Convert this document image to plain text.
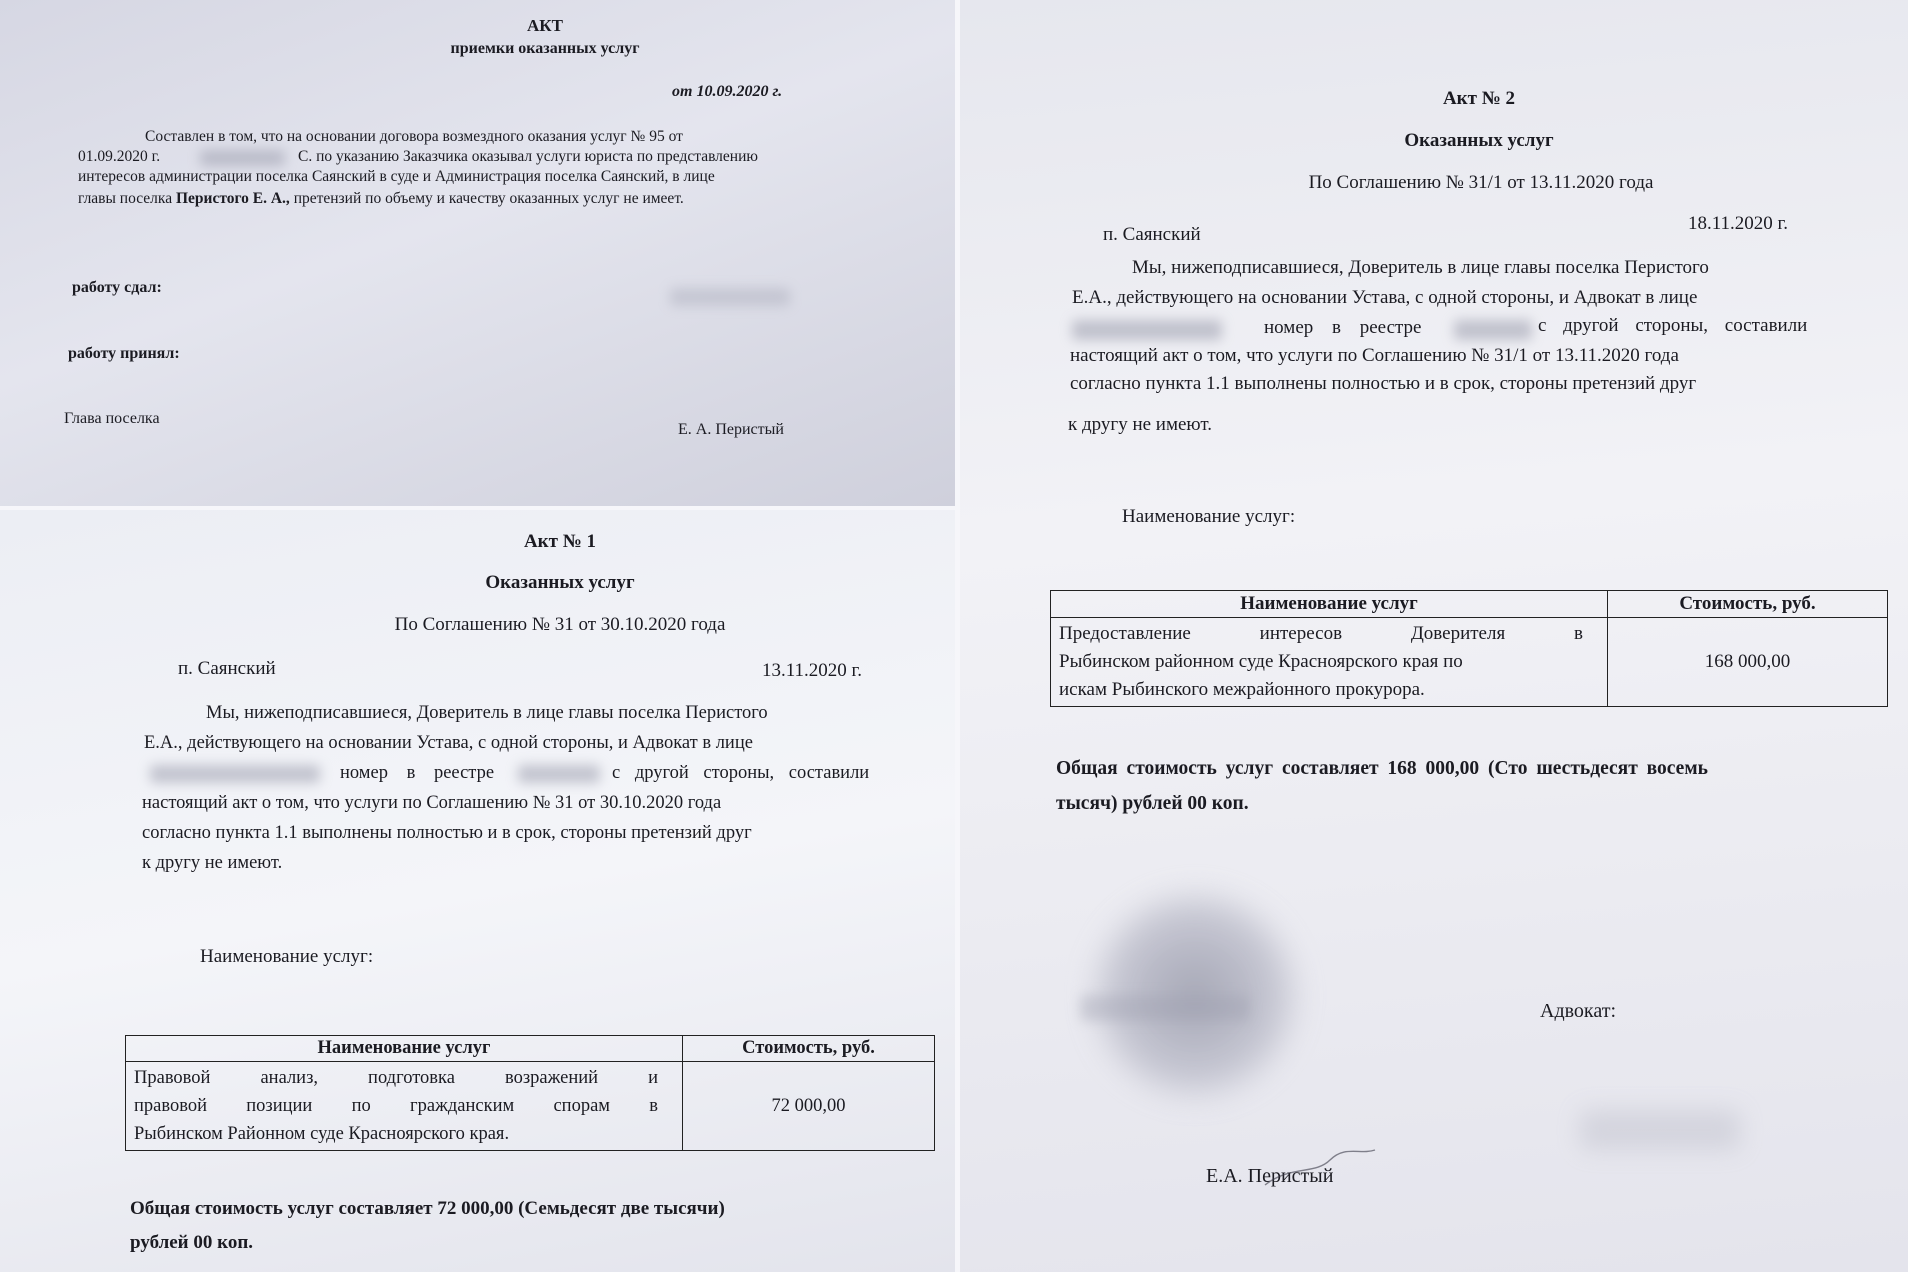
АКТ
приемки оказанных услуг
от 10.09.2020 г.
Составлен в том, что на основании договора возмездного оказания услуг № 95 от
01.09.2020 г.	С. по указанию Заказчика оказывал услуги юриста по представлению
интересов администрации поселка Саянский в суде и Администрация поселка Саянский, в лице
главы поселка Перистого Е. А., претензий по объему и качеству оказанных услуг не имеет.
работу сдал:
работу принял:
Глава поселка
Е. А. Перистый
Акт № 1
Оказанных услуг
По Соглашению № 31 от 30.10.2020 года
п. Саянский	13.11.2020 г.
Мы, нижеподписавшиеся, Доверитель в лице главы поселка Перистого
Е.А., действующего на основании Устава, с одной стороны, и Адвокат в лице
номер в реестре	с другой стороны, составили
настоящий акт о том, что услуги по Соглашению № 31 от 30.10.2020 года
согласно пункта 1.1 выполнены полностью и в срок, стороны претензий друг
к другу не имеют.
Наименование услуг:
Наименование услуг	Стоимость, руб.

Правовой анализ, подготовка возражений и
правовой позиции по гражданским спорам в
Рыбинском Районном суде Красноярского края.	72 000,00
Общая стоимость услуг составляет 72 000,00 (Семьдесят две тысячи)
рублей 00 коп.
Акт № 2
Оказанных услуг
По Соглашению № 31/1 от 13.11.2020 года
п. Саянский
18.11.2020 г.
Мы, нижеподписавшиеся, Доверитель в лице главы поселка Перистого
Е.А., действующего на основании Устава, с одной стороны, и Адвокат в лице
номер в реестре	с другой стороны, составили
настоящий акт о том, что услуги по Соглашению № 31/1 от 13.11.2020 года
согласно пункта 1.1 выполнены полностью и в срок, стороны претензий друг
к другу не имеют.
Наименование услуг:
Наименование услуг	Стоимость, руб.

Предоставление интересов Доверителя в
Рыбинском районном суде Красноярского края по
искам Рыбинского межрайонного прокурора.	168 000,00
Общая стоимость услуг составляет 168 000,00 (Сто шестьдесят восемь
тысяч) рублей 00 коп.
Адвокат:
Е.А. Перистый
